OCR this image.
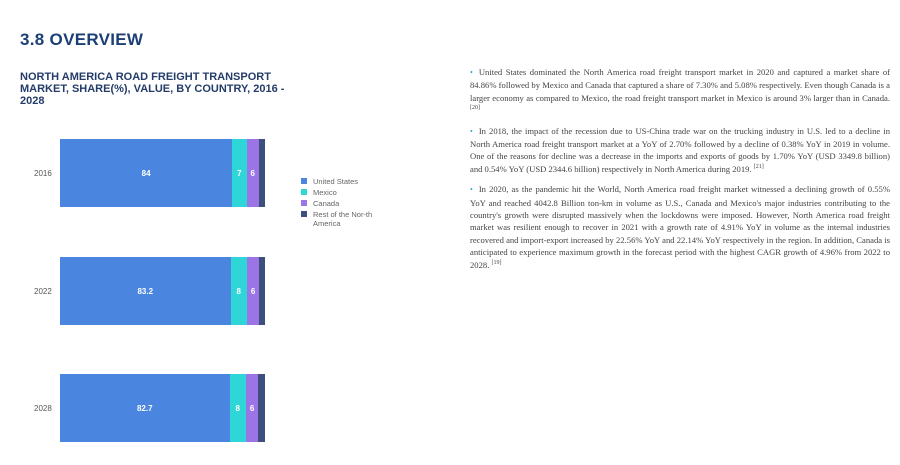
3.8 OVERVIEW
NORTH AMERICA ROAD FREIGHT TRANSPORT MARKET, SHARE(%), VALUE, BY COUNTRY, 2016 - 2028
2016	84	7 6
2022	83.2	8 6
2028	82.7	8 6
United States
Mexico
Canada
Rest of the Nor-th America

• United States dominated the North America road freight transport market in 2020 and captured a market share of 84.86% followed by Mexico and Canada that captured a share of 7.30% and 5.08% respectively. Even though Canada is a larger economy as compared to Mexico, the road freight transport market in Mexico is around 3% larger than in Canada. [20]

• In 2018, the impact of the recession due to US-China trade war on the trucking industry in U.S. led to a decline in North America road freight transport market at a YoY of 2.70% followed by a decline of 0.38% YoY in 2019 in volume. One of the reasons for decline was a decrease in the imports and exports of goods by 1.70% YoY (USD 3349.8 billion) and 0.54% YoY (USD 2344.6 billion) respectively in North America during 2019. [21]

• In 2020, as the pandemic hit the World, North America road freight market witnessed a declining growth of 0.55% YoY and reached 4042.8 Billion ton-km in volume as U.S., Canada and Mexico's major industries contributing to the country's growth were disrupted massively when the lockdowns were imposed. However, North America road freight market was resilient enough to recover in 2021 with a growth rate of 4.91% YoY in volume as the internal industries recovered and import-export increased by 22.56% YoY and 22.14% YoY respectively in the region. In addition, Canada is anticipated to experience maximum growth in the forecast period with the highest CAGR growth of 4.96% from 2022 to 2028. [19]
